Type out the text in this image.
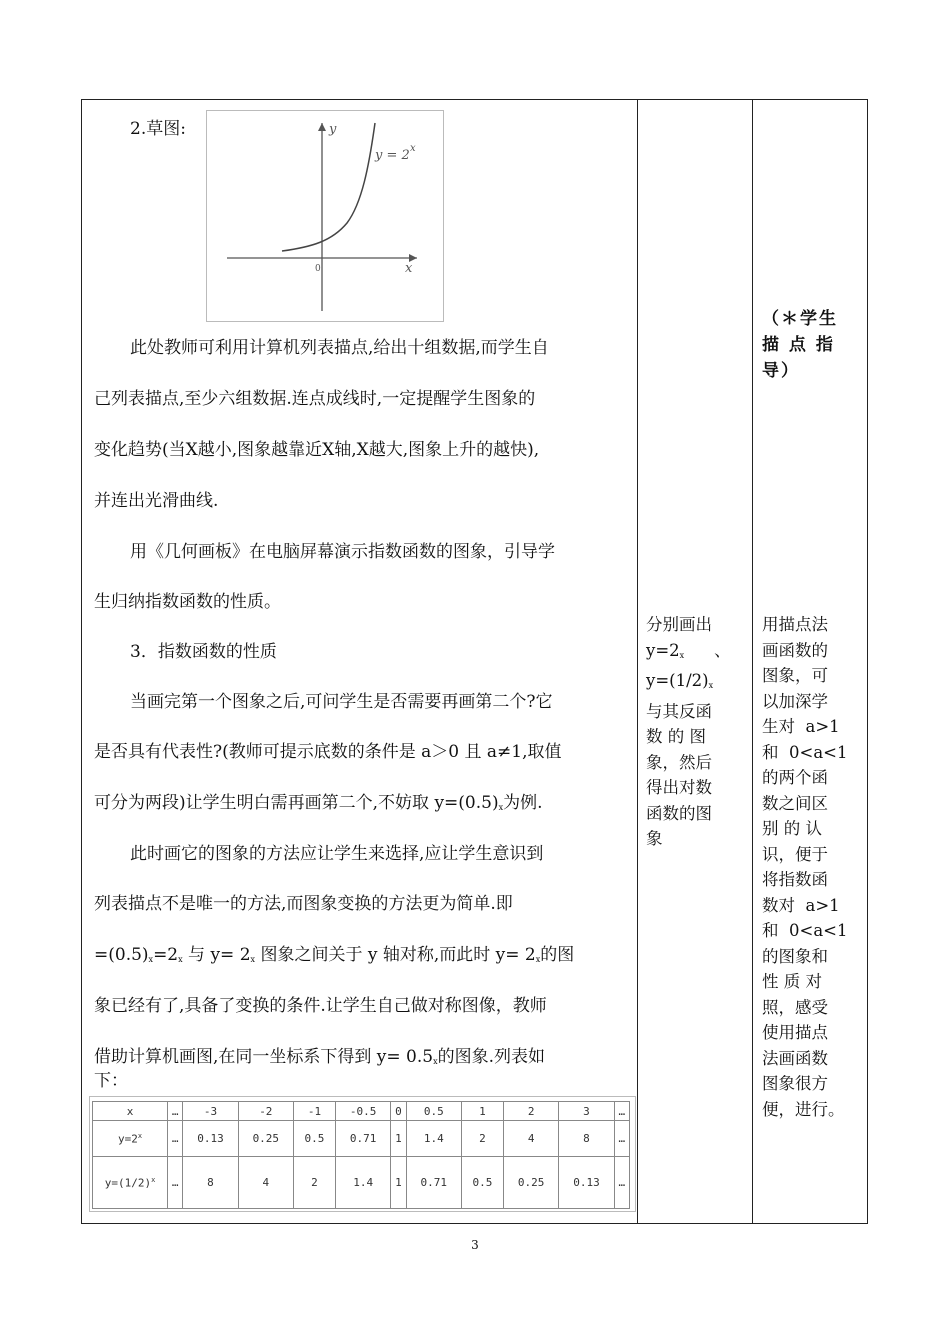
2.草图:	y
x
0
y = 2 x
此处教师可利用计算机列表描点,给出十组数据,而学生自
己列表描点,至少六组数据.连点成线时,一定提醒学生图象的
变化趋势(当X越小,图象越靠近X轴,X越大,图象上升的越快),
并连出光滑曲线.
用《几何画板》在电脑屏幕演示指数函数的图象，引导学
生归纳指数函数的性质。
3．指数函数的性质
当画完第一个图象之后,可问学生是否需要再画第二个?它
是否具有代表性?(教师可提示底数的条件是 a＞0 且 a≠1,取值
可分为两段)让学生明白需再画第二个,不妨取 $y=(0.5)_x$为例.
此时画它的图象的方法应让学生来选择,应让学生意识到
列表描点不是唯一的方法,而图象变换的方法更为简单.即
$=(0.5)_x=2_x$ 与 $y= 2_x$ 图象之间关于 y 轴对称,而此时 $y= 2_x$的图
象已经有了,具备了变换的条件.让学生自己做对称图像，教师
借助计算机画图,在同一坐标系下得到 $y= 0.5_x$的图象.列表如
下：
x	…	-3	-2	-1	-0.5	0	0.5	1	2	3	…
$y=2^x$	…	0.13	0.25	0.5	0.71	1	1.4	2	4	8	…
$y=(1/2)^x$	…	8	4	2	1.4	1	0.71	0.5	0.25	0.13	…
分别画出
$y=2_x$ 、
$y=(1/2)_x$
与其反函
数 的 图
象，然后
得出对数
函数的图
象
（＊学生
描 点 指
导）
用描点法
画函数的
图象，可
以加深学
生对  a>1
和  0<a<1
的两个函
数之间区
别 的 认
识，便于
将指数函
数对  a>1
和  0<a<1
的图象和
性 质 对
照，感受
使用描点
法画函数
图象很方
便，进行。
3
